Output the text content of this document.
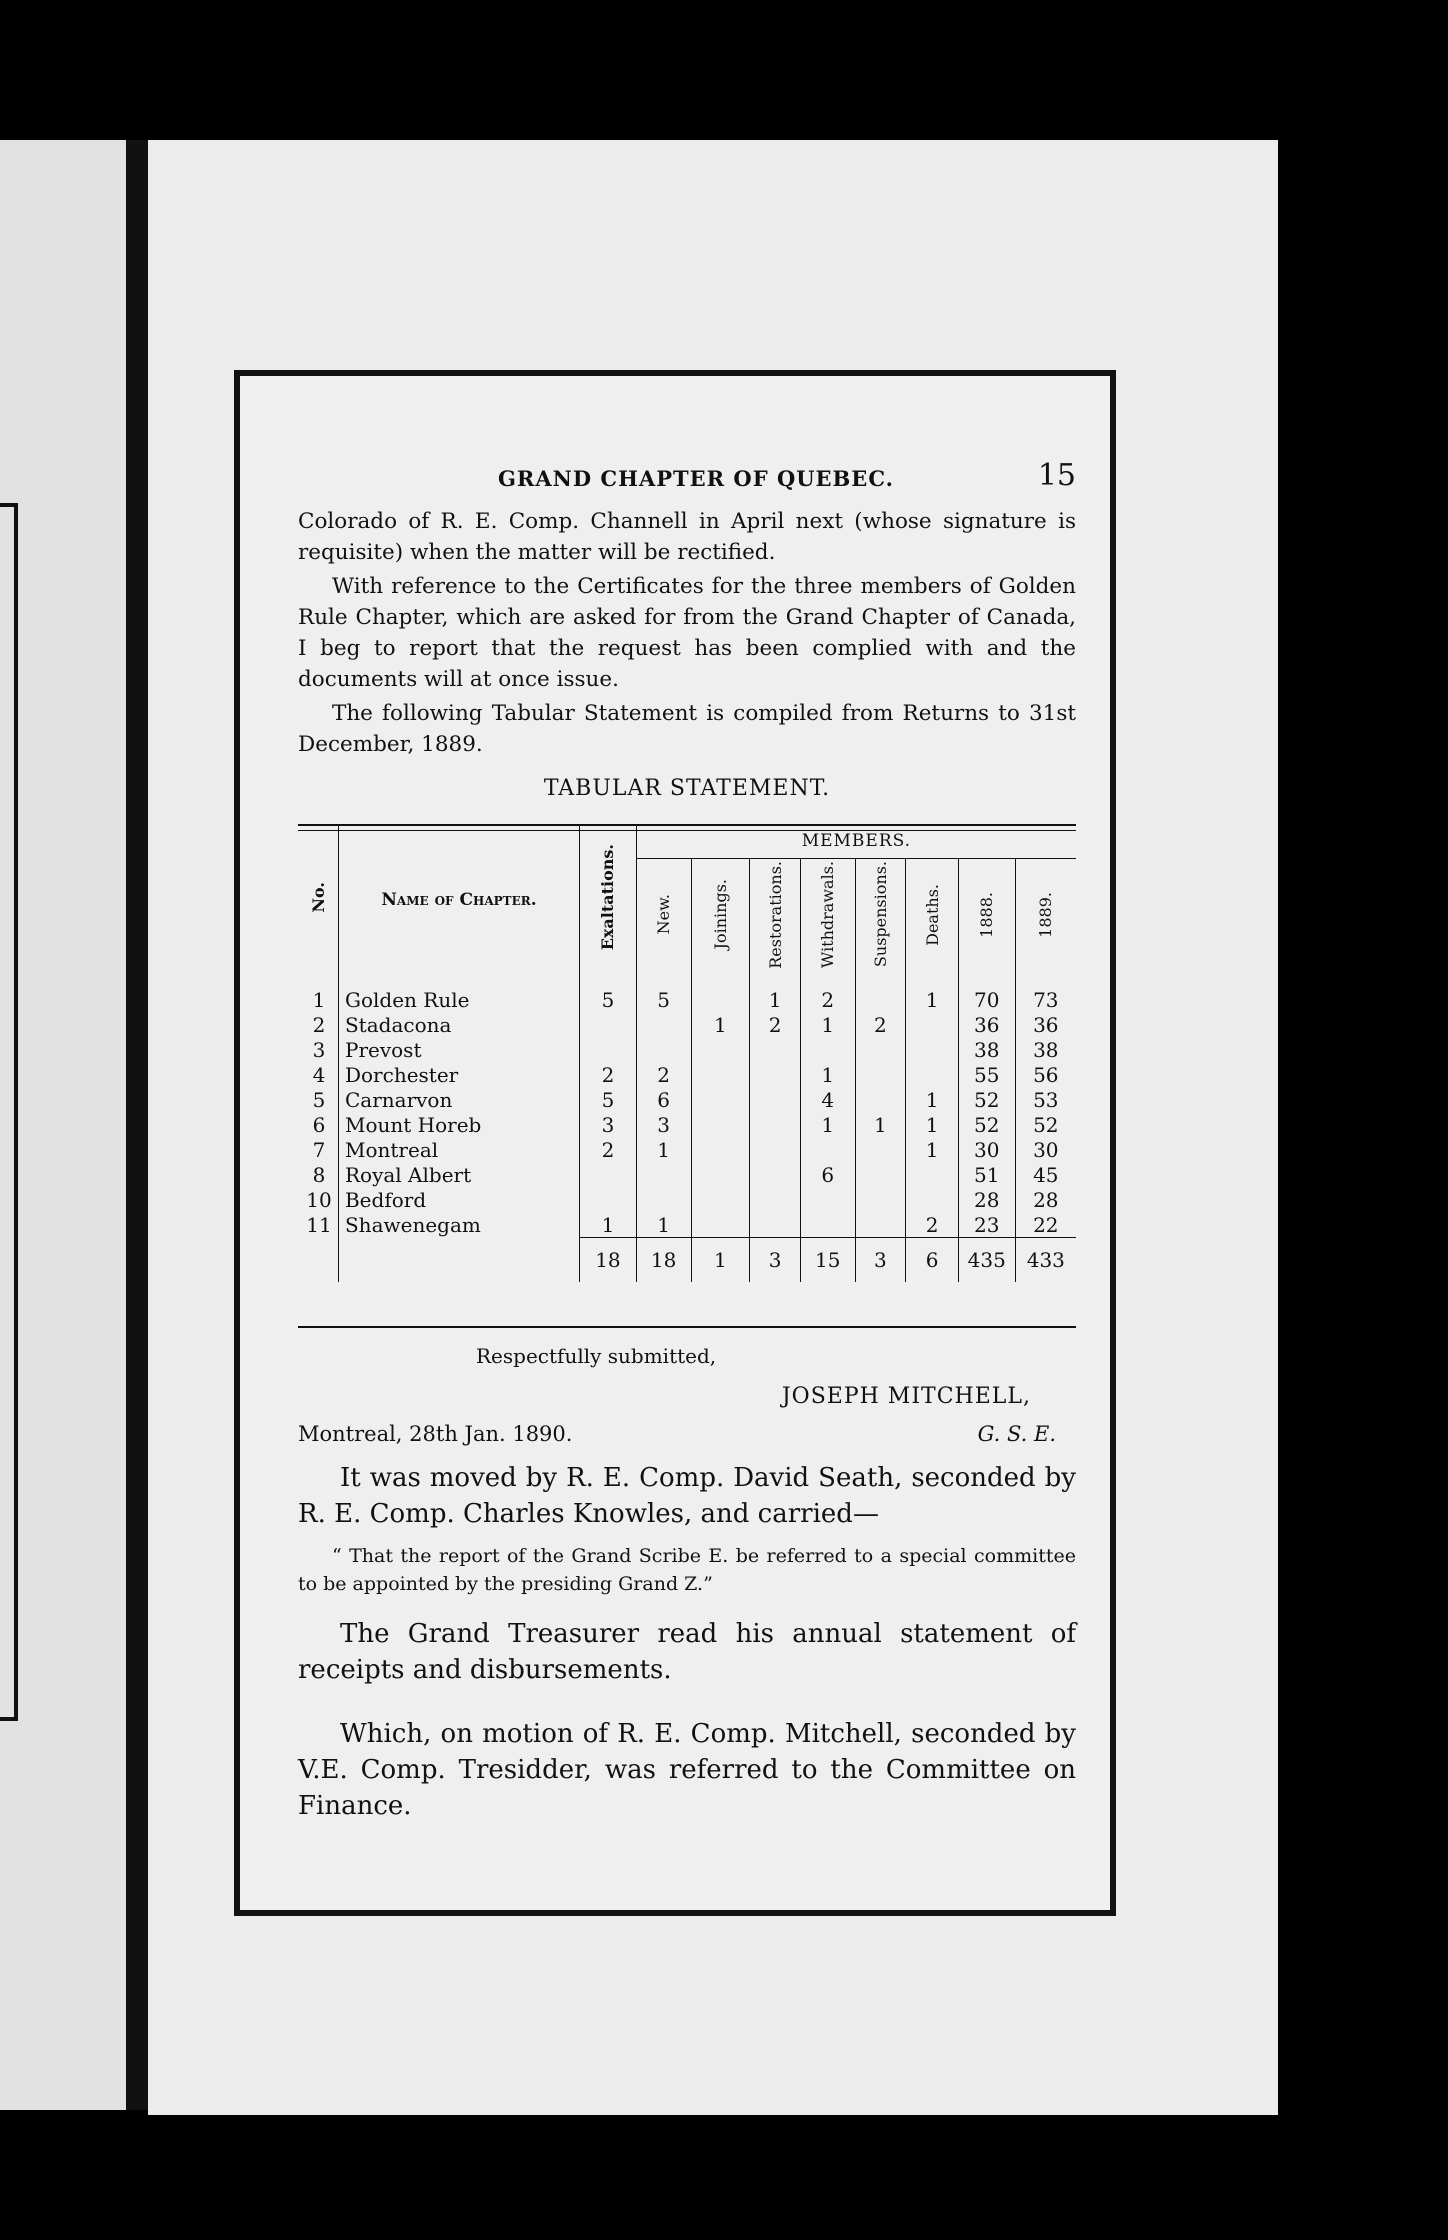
GRAND CHAPTER OF QUEBEC.	15
Colorado of R. E. Comp. Channell in April next (whose signature is requisite) when the matter will be rectified.
With reference to the Certificates for the three members of Golden Rule Chapter, which are asked for from the Grand Chapter of Canada, I beg to report that the request has been complied with and the documents will at once issue.
The following Tabular Statement is compiled from Returns to 31st December, 1889.
TABULAR STATEMENT.
No.	Name of Chapter.	Exaltations.	MEMBERS.							
			New.	Joinings.	Restorations.	Withdrawals.	Suspensions.	Deaths.	1888.	1889.

1	Golden Rule	5	5		1	2		1	70	73
2	Stadacona			1	2	1	2		36	36
3	Prevost								38	38
4	Dorchester	2	2			1			55	56
5	Carnarvon	5	6			4		1	52	53
6	Mount Horeb	3	3			1	1	1	52	52
7	Montreal	2	1					1	30	30
8	Royal Albert					6			51	45
10	Bedford								28	28
11	Shawenegam	1	1					2	23	22
		18	18	1	3	15	3	6	435	433
Respectfully submitted,
JOSEPH MITCHELL,
Montreal, 28th Jan. 1890.	G. S. E.
It was moved by R. E. Comp. David Seath, seconded by R. E. Comp. Charles Knowles, and carried—
“ That the report of the Grand Scribe E. be referred to a special committee to be appointed by the presiding Grand Z.”
The Grand Treasurer read his annual statement of receipts and disbursements.
Which, on motion of R. E. Comp. Mitchell, seconded by V.E. Comp. Tresidder, was referred to the Committee on Finance.
